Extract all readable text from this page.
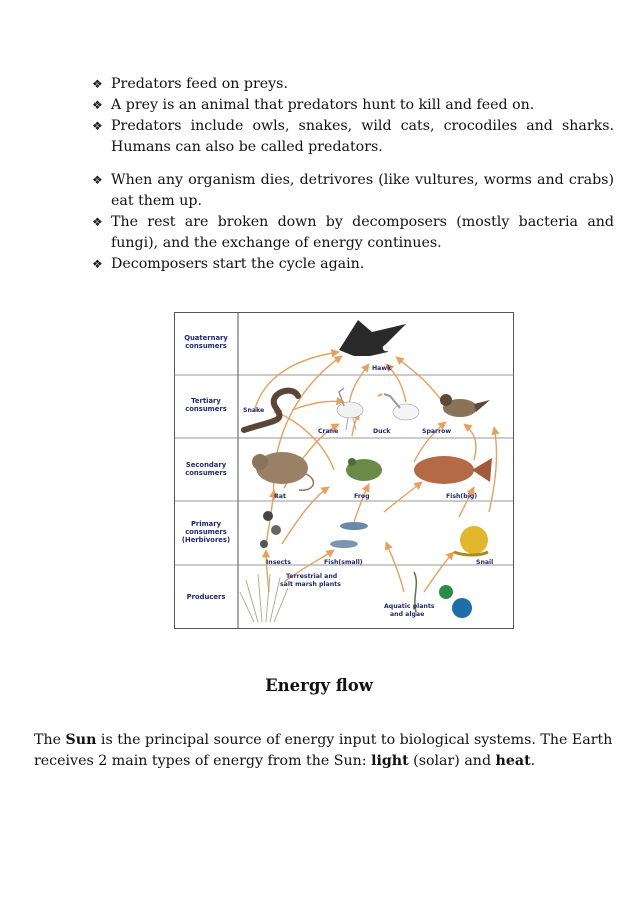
❖ Predators feed on preys.
❖ A prey is an animal that predators hunt to kill and feed on.
❖ Predators include owls, snakes, wild cats, crocodiles and sharks. Humans can also be called predators.
❖ When any organism dies, detrivores (like vultures, worms and crabs) eat them up.
❖ The rest are broken down by decomposers (mostly bacteria and fungi), and the exchange of energy continues.
❖ Decomposers start the cycle again.
Quaternary consumers
Tertiary consumers
Secondary consumers
Primary consumers (Herbivores)
Producers
Hawk
Snake
Crane	Duck	Sparrow
Rat	Frog	Fish(big)
Insects	Fish(small)	Snail
Terrestrial and
salt marsh plants
Aquatic plants
and algae
Energy flow

The Sun is the principal source of energy input to biological systems. The Earth receives 2 main types of energy from the Sun: light (solar) and heat.
